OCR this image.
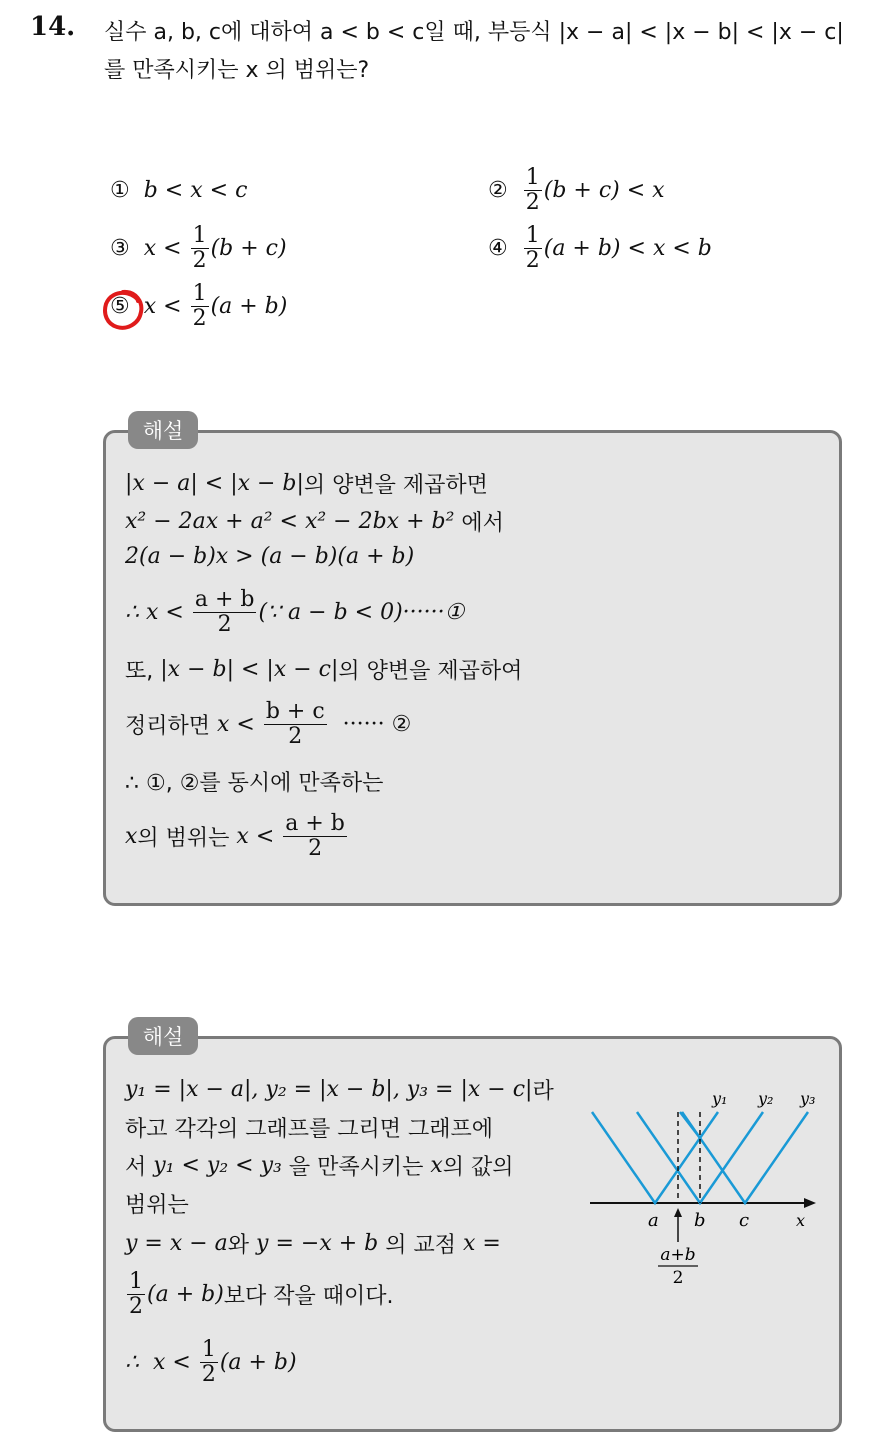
14. 실수 a, b, c에 대하여 a < b < c일 때, 부등식 |x − a| < |x − b| < |x − c|
를 만족시키는 x 의 범위는?
① b < x < c	② $\frac{1}{2} (b + c) < x$
③ $x < \frac{1}{2} (b + c)$	④ $\frac{1}{2} (a + b) < x < b$
⑤ $x < \frac{1}{2} (a + b)$
해설
|x − a| < |x − b| 의 양변을 제곱하면
x² − 2ax + a² < x² − 2bx + b² 에서
2(a − b)x > (a − b)(a + b)
∴ $x < \frac{a + b}{2}$ (∵ a − b < 0)······①
또, |x − b| < |x − c| 의 양변을 제곱하여
정리하면 $x < \frac{b + c}{2}$ ······ ②
∴ ①, ②를 동시에 만족하는
x 의 범위는 $x < \frac{a + b}{2}$
해설
y₁ = |x − a|, y₂ = |x − b|, y₃ = |x − c| 라
하고 각각의 그래프를 그리면 그래프에
서 y₁ < y₂ < y₃ 을 만족시키는 x 의 값의
범위는
y = x − a 와 y = −x + b 의 교점 x =
$\frac{1}{2} (a + b)$ 보다 작을 때이다.
∴  $x < \frac{1}{2} (a + b)$
y₁ y₂ y₃
a b c	x
a+b
2
